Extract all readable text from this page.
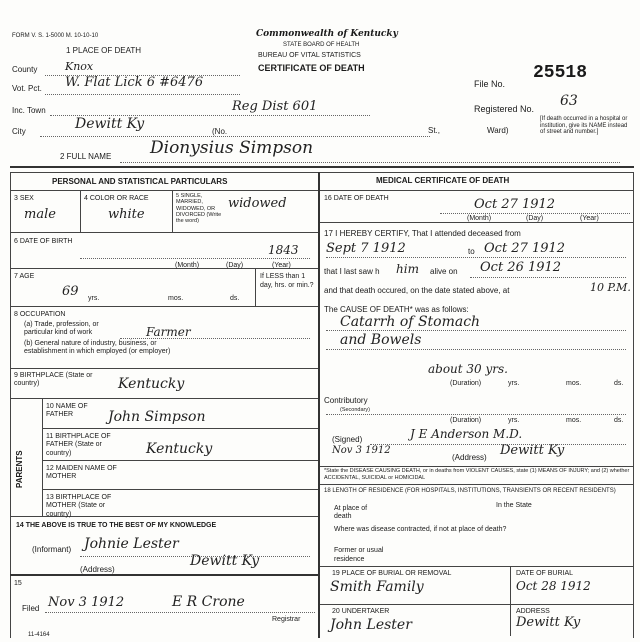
FORM V. S. 1-5000 M. 10-10-10	Commonwealth of Kentucky
STATE BOARD OF HEALTH
BUREAU OF VITAL STATISTICS
CERTIFICATE OF DEATH
1 PLACE OF DEATH
County	Knox
Vot. Pct. W. Flat Lick 6 #6476
Inc. Town	Reg Dist 601
City	Dewitt Ky	(No.	St.,	Ward)
File No.
25518
Registered No. 63
[If death occurred in a hospital or institution, give its NAME instead of street and number.]
2 FULL NAME Dionysius Simpson
PERSONAL AND STATISTICAL PARTICULARS
3 SEX
male
4 COLOR OR RACE
white
5 SINGLE, MARRIED, WIDOWED, OR DIVORCED (Write the word)
widowed
6 DATE OF BIRTH
1843
(Month)	(Day)	(Year)
7 AGE
69 yrs.	mos.	ds.
If LESS than 1 day, hrs. or min.?
8 OCCUPATION
(a) Trade, profession, or particular kind of work	Farmer
(b) General nature of industry, business, or establishment in which employed (or employer)
9 BIRTHPLACE (State or country)	Kentucky
PARENTS
10 NAME OF FATHER	John Simpson
11 BIRTHPLACE OF FATHER (State or country)	Kentucky
12 MAIDEN NAME OF MOTHER
13 BIRTHPLACE OF MOTHER (State or country)
14 THE ABOVE IS TRUE TO THE BEST OF MY KNOWLEDGE
(Informant) Johnie Lester
Dewitt Ky
(Address)
15
Filed Nov 3 1912	E R Crone
Registrar
11-4164
MEDICAL CERTIFICATE OF DEATH
16 DATE OF DEATH	Oct 27 1912
(Month)	(Day)	(Year)
17 I HEREBY CERTIFY, That I attended deceased from
Sept 7 1912	to Oct 27 1912
that I last saw h him alive on Oct 26 1912
and that death occured, on the date stated above, at	10 P.M.
The CAUSE OF DEATH* was as follows:
Catarrh of Stomach
and Bowels
about 30 yrs.
(Duration)	yrs.	mos.	ds.
Contributory
(Secondary)
(Duration)	yrs.	mos.	ds.
(Signed)	J E Anderson M.D.
Nov 3 1912
(Address) Dewitt Ky
*State the DISEASE CAUSING DEATH, or in deaths from VIOLENT CAUSES, state (1) MEANS OF INJURY; and (2) whether ACCIDENTAL, SUICIDAL or HOMICIDAL
18 LENGTH OF RESIDENCE (FOR HOSPITALS, INSTITUTIONS, TRANSIENTS OR RECENT RESIDENTS)
At place of death
In the State
Where was disease contracted, if not at place of death?
Former or usual residence
19 PLACE OF BURIAL OR REMOVAL
Smith Family
DATE OF BURIAL
Oct 28 1912
20 UNDERTAKER
John Lester
ADDRESS
Dewitt Ky
